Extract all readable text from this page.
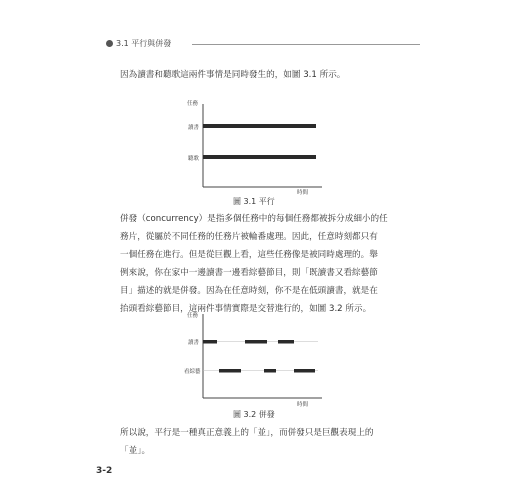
3.1 平行與併發

因為讀書和聽歌這兩件事情是同時發生的，如圖 3.1 所示。

任務
讀書
聽歌
時間
圖 3.1 平行

併發（concurrency）是指多個任務中的每個任務都被拆分成細小的任
務片，從屬於不同任務的任務片被輪番處理。因此，任意時刻都只有
一個任務在進行。但是從巨觀上看，這些任務像是被同時處理的。舉
例來說，你在家中一邊讀書一邊看綜藝節目，則「既讀書又看綜藝節
目」描述的就是併發。因為在任意時刻，你不是在低頭讀書，就是在
抬頭看綜藝節目，這兩件事情實際是交替進行的，如圖 3.2 所示。

任務
讀書
看綜藝
時間
圖 3.2 併發

所以說，平行是一種真正意義上的「並」，而併發只是巨觀表現上的
「並」。

3-2
